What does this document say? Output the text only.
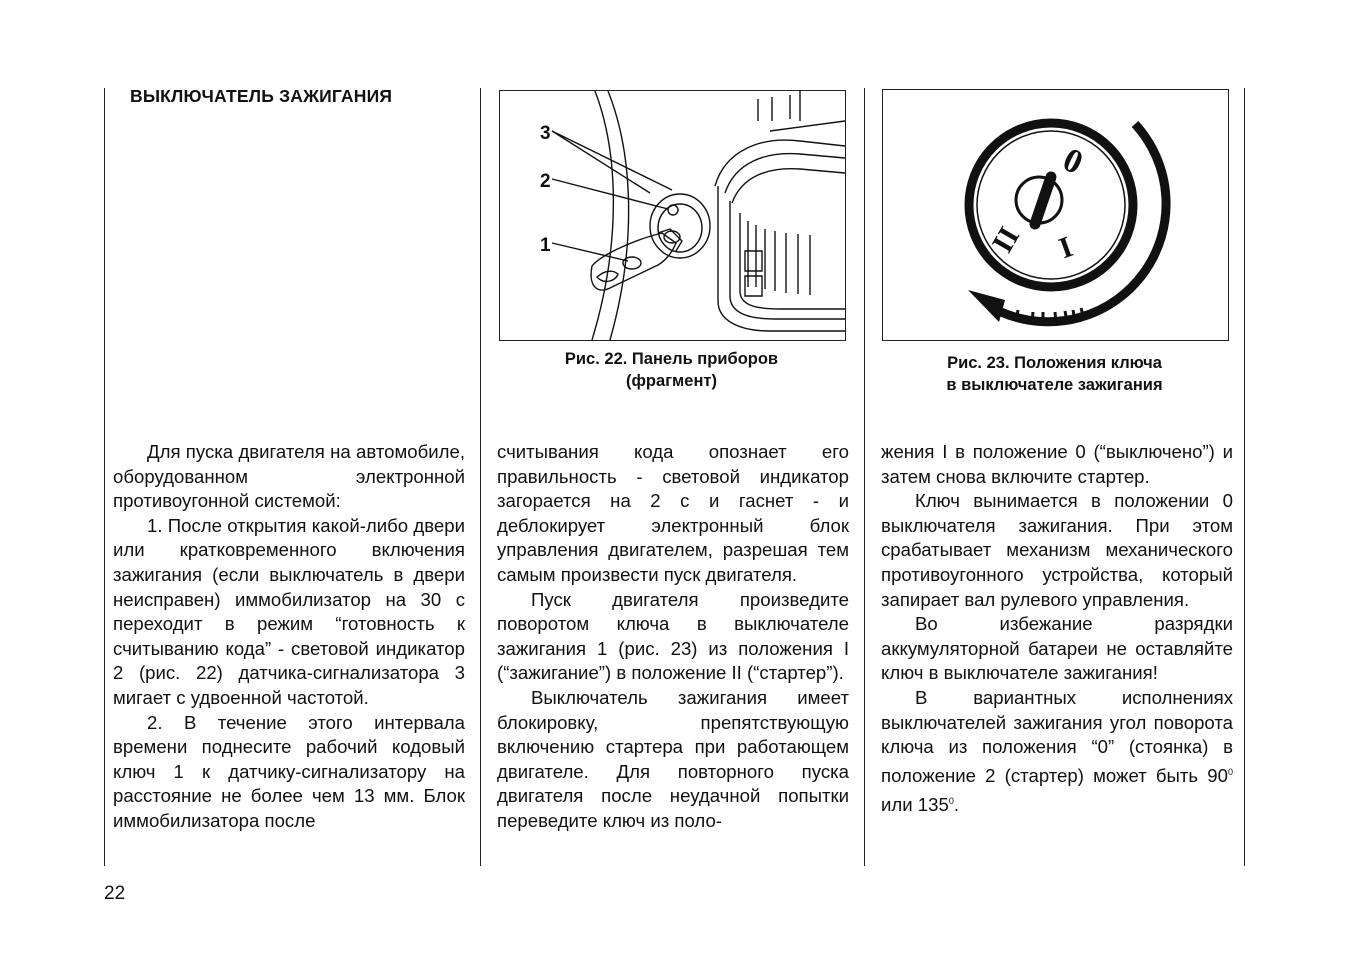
ВЫКЛЮЧАТЕЛЬ ЗАЖИГАНИЯ
3
2
1
Рис. 22. Панель приборов
(фрагмент)
0
I
II
Рис. 23. Положения ключа
в выключателе зажигания

Для пуска двигателя на автомобиле, оборудованном электронной противоугонной системой:

1. После открытия какой-либо двери или кратковременного включения зажигания (если выключатель в двери неисправен) иммобилизатор на 30 с переходит в режим “готовность к считыванию кода” - световой индикатор 2 (рис. 22) датчика-сигнализатора 3 мигает с удвоенной частотой.

2. В течение этого интервала времени поднесите рабочий кодовый ключ 1 к датчику-сигнализатору на расстояние не более чем 13 мм. Блок иммобилизатора после

считывания кода опознает его правильность - световой индикатор загорается на 2 с и гаснет - и деблокирует электронный блок управления двигателем, разрешая тем самым произвести пуск двигателя.

Пуск двигателя произведите поворотом ключа в выключателе зажигания 1 (рис. 23) из положения I (“зажигание”) в положение II (“стартер”).

Выключатель зажигания имеет блокировку, препятствующую включению стартера при работающем двигателе. Для повторного пуска двигателя после неудачной попытки переведите ключ из поло-

жения I в положение 0 (“выключено”) и затем снова включите стартер.

Ключ вынимается в положении 0 выключателя зажигания. При этом срабатывает механизм механического противоугонного устройства, который запирает вал рулевого управления.

Во избежание разрядки аккумуляторной батареи не оставляйте ключ в выключателе зажигания!

В вариантных исполнениях выключателей зажигания угол поворота ключа из положения “0” (стоянка) в положение 2 (стартер) может быть $90^0$ или $135^0$.

22
